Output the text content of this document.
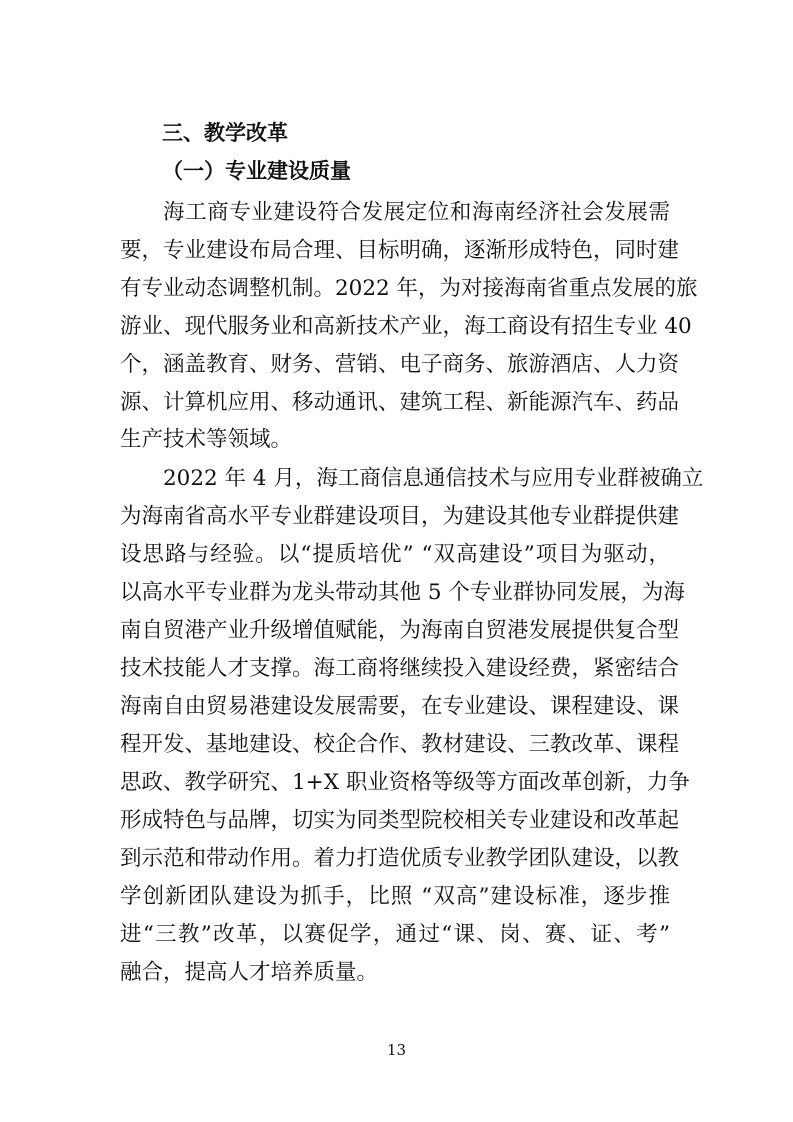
三、教学改革
（一）专业建设质量
海工商专业建设符合发展定位和海南经济社会发展需
要，专业建设布局合理、目标明确，逐渐形成特色，同时建
有专业动态调整机制。2022 年，为对接海南省重点发展的旅
游业、现代服务业和高新技术产业，海工商设有招生专业 40
个，涵盖教育、财务、营销、电子商务、旅游酒店、人力资
源、计算机应用、移动通讯、建筑工程、新能源汽车、药品
生产技术等领域。
2022 年 4 月，海工商信息通信技术与应用专业群被确立
为海南省高水平专业群建设项目，为建设其他专业群提供建
设思路与经验。以“提质培优” “双高建设”项目为驱动，
以高水平专业群为龙头带动其他 5 个专业群协同发展，为海
南自贸港产业升级增值赋能，为海南自贸港发展提供复合型
技术技能人才支撑。海工商将继续投入建设经费，紧密结合
海南自由贸易港建设发展需要，在专业建设、课程建设、课
程开发、基地建设、校企合作、教材建设、三教改革、课程
思政、教学研究、1+X 职业资格等级等方面改革创新，力争
形成特色与品牌，切实为同类型院校相关专业建设和改革起
到示范和带动作用。着力打造优质专业教学团队建设，以教
学创新团队建设为抓手，比照 “双高”建设标准，逐步推
进“三教”改革，以赛促学，通过“课、岗、赛、证、考”
融合，提高人才培养质量。
13
